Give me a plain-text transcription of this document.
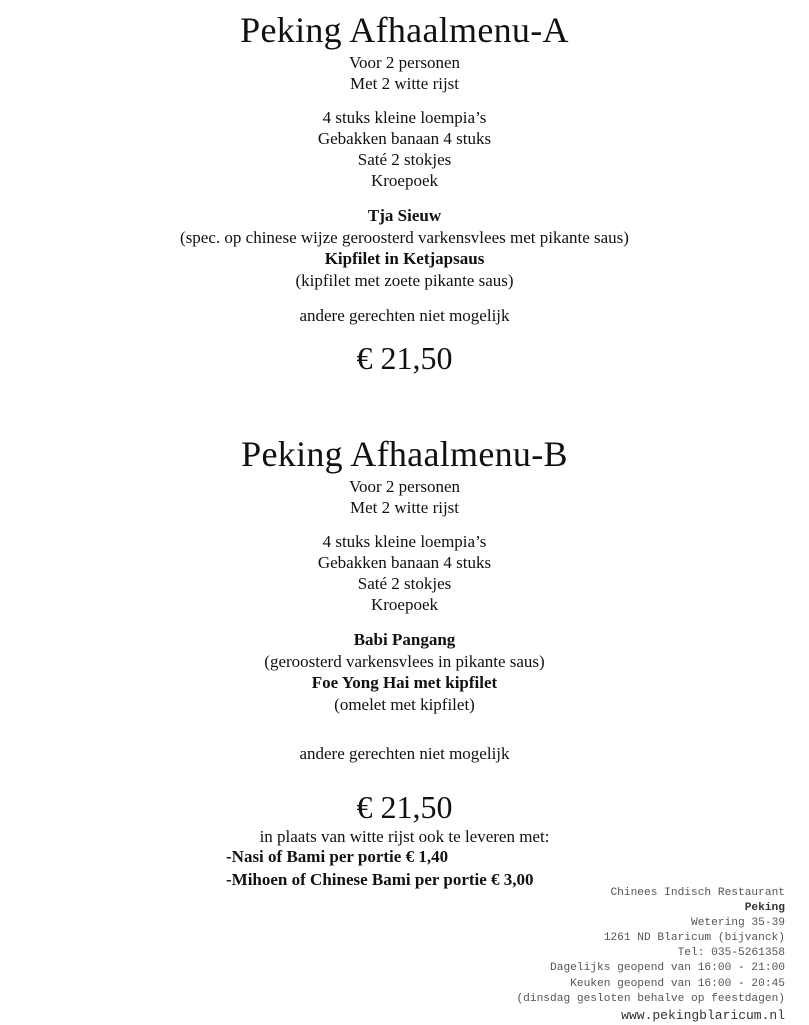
Peking Afhaalmenu-A

Voor 2 personen

Met 2 witte rijst

4 stuks kleine loempia’s

Gebakken banaan 4 stuks

Saté 2 stokjes

Kroepoek

Tja Sieuw

(spec. op chinese wijze geroosterd varkensvlees met pikante saus)

Kipfilet in Ketjapsaus

(kipfilet met zoete pikante saus)

andere gerechten niet mogelijk

€ 21,50

Peking Afhaalmenu-B

Voor 2 personen

Met 2 witte rijst

4 stuks kleine loempia’s

Gebakken banaan 4 stuks

Saté 2 stokjes

Kroepoek

Babi Pangang

(geroosterd varkensvlees in pikante saus)

Foe Yong Hai met kipfilet

(omelet met kipfilet)

andere gerechten niet mogelijk

€ 21,50

in plaats van witte rijst ook te leveren met:

-Nasi of Bami per portie € 1,40

-Mihoen of Chinese Bami per portie € 3,00

Chinees Indisch Restaurant
Peking
Wetering 35-39
1261 ND Blaricum (bijvanck)
Tel: 035-5261358
Dagelijks geopend van 16:00 - 21:00
Keuken geopend van 16:00 - 20:45
(dinsdag gesloten behalve op feestdagen)
www.pekingblaricum.nl
